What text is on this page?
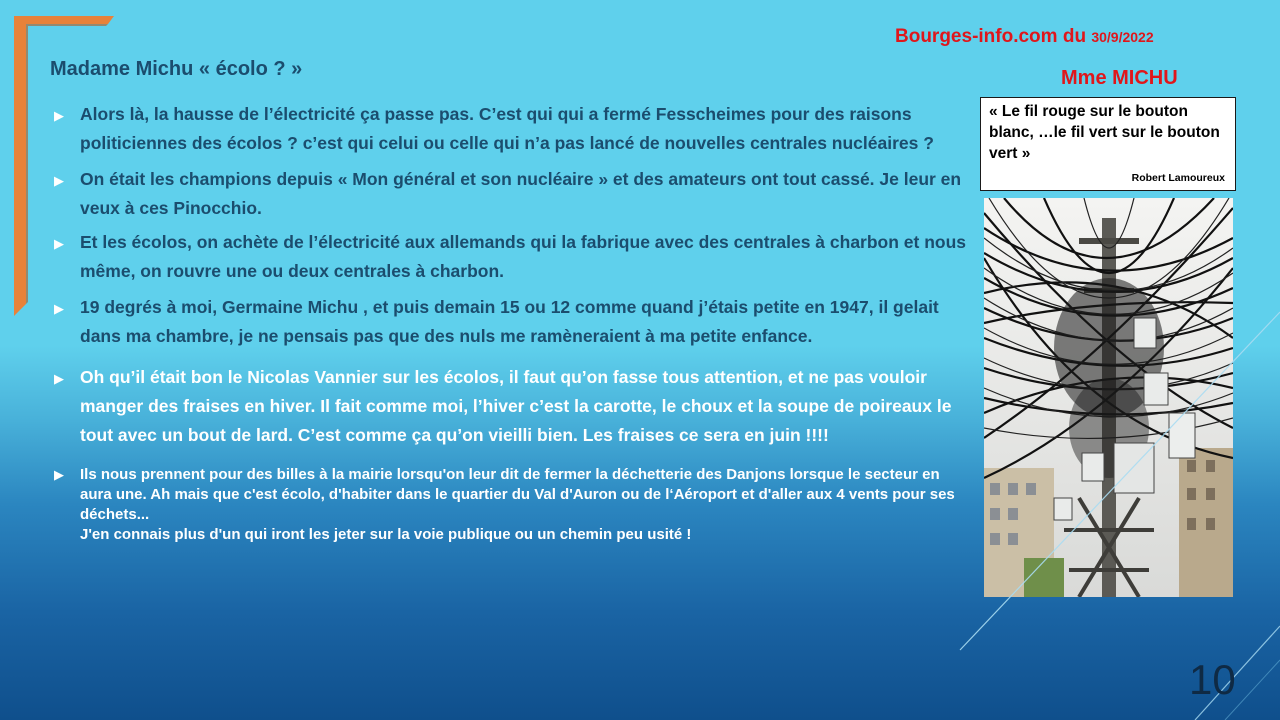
Madame Michu « écolo ? »
Bourges-info.com du 30/9/2022
Mme MICHU
« Le fil rouge sur le bouton blanc, …le fil vert sur le bouton vert »
Robert Lamoureux
▶ Alors là, la hausse de l’électricité ça passe pas. C’est qui qui a fermé Fesscheimes pour des raisons politiciennes des écolos ? c’est qui celui ou celle qui n’a pas lancé de nouvelles centrales nucléaires ?
▶ On était les champions depuis « Mon général et son nucléaire » et des amateurs ont tout cassé. Je leur en veux à ces Pinocchio.
▶ Et les écolos, on achète de l’électricité aux allemands qui la fabrique avec des centrales à charbon et nous même, on rouvre une ou deux centrales à charbon.
▶ 19 degrés à moi, Germaine Michu , et puis demain 15 ou 12 comme quand j’étais petite en 1947, il gelait dans ma chambre, je ne pensais pas que des nuls me ramèneraient à ma petite enfance.
▶ Oh qu’il était bon le Nicolas Vannier sur les écolos, il faut qu’on fasse tous attention, et ne pas vouloir manger des fraises en hiver. Il fait comme moi, l’hiver c’est la carotte, le choux et la soupe de poireaux le tout avec un bout de lard. C’est comme ça qu’on vieilli bien. Les fraises ce sera en juin !!!!
▶ Ils nous prennent pour des billes à la mairie lorsqu'on leur dit de fermer la déchetterie des Danjons lorsque le secteur en aura une. Ah mais que c'est écolo, d'habiter dans le quartier du Val d'Auron ou de l‘Aéroport et d'aller aux 4 vents pour ses déchets...
J'en connais plus d'un qui iront les jeter sur la voie publique ou un chemin peu usité !
10
